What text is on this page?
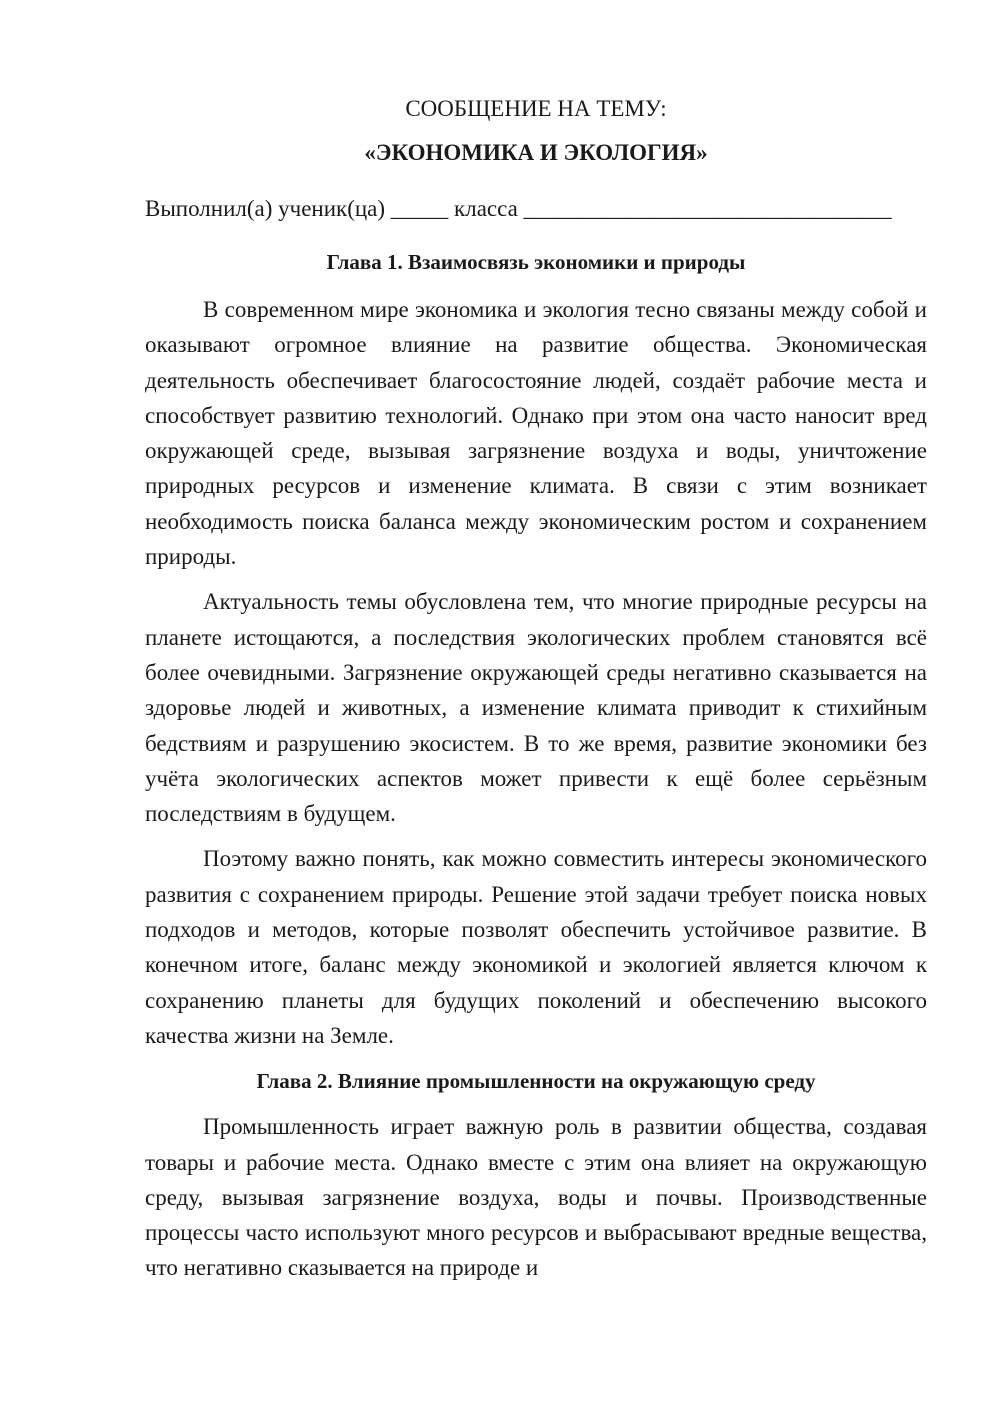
СООБЩЕНИЕ НА ТЕМУ:

«ЭКОНОМИКА И ЭКОЛОГИЯ»

Выполнил(а) ученик(ца) _____ класса ________________________________

Глава 1. Взаимосвязь экономики и природы

В современном мире экономика и экология тесно связаны между собой и оказывают огромное влияние на развитие общества. Экономическая деятельность обеспечивает благосостояние людей, создаёт рабочие места и способствует развитию технологий. Однако при этом она часто наносит вред окружающей среде, вызывая загрязнение воздуха и воды, уничтожение природных ресурсов и изменение климата. В связи с этим возникает необходимость поиска баланса между экономическим ростом и сохранением природы.

Актуальность темы обусловлена тем, что многие природные ресурсы на планете истощаются, а последствия экологических проблем становятся всё более очевидными. Загрязнение окружающей среды негативно сказывается на здоровье людей и животных, а изменение климата приводит к стихийным бедствиям и разрушению экосистем. В то же время, развитие экономики без учёта экологических аспектов может привести к ещё более серьёзным последствиям в будущем.

Поэтому важно понять, как можно совместить интересы экономического развития с сохранением природы. Решение этой задачи требует поиска новых подходов и методов, которые позволят обеспечить устойчивое развитие. В конечном итоге, баланс между экономикой и экологией является ключом к сохранению планеты для будущих поколений и обеспечению высокого качества жизни на Земле.

Глава 2. Влияние промышленности на окружающую среду

Промышленность играет важную роль в развитии общества, создавая товары и рабочие места. Однако вместе с этим она влияет на окружающую среду, вызывая загрязнение воздуха, воды и почвы. Производственные процессы часто используют много ресурсов и выбрасывают вредные вещества, что негативно сказывается на природе и
